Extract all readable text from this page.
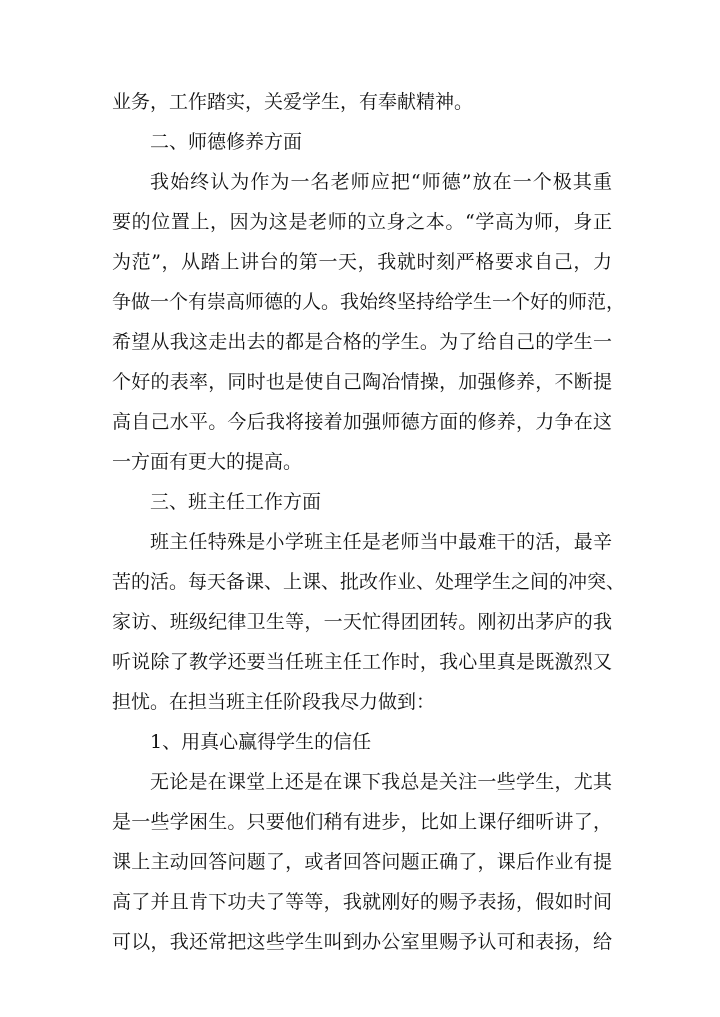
业务，工作踏实，关爱学生，有奉献精神。
二、师德修养方面
我始终认为作为一名老师应把“师德”放在一个极其重
要的位置上，因为这是老师的立身之本。“学高为师，身正
为范”，从踏上讲台的第一天，我就时刻严格要求自己，力
争做一个有崇高师德的人。我始终坚持给学生一个好的师范，
希望从我这走出去的都是合格的学生。为了给自己的学生一
个好的表率，同时也是使自己陶冶情操，加强修养，不断提
高自己水平。今后我将接着加强师德方面的修养，力争在这
一方面有更大的提高。
三、班主任工作方面
班主任特殊是小学班主任是老师当中最难干的活，最辛
苦的活。每天备课、上课、批改作业、处理学生之间的冲突、
家访、班级纪律卫生等，一天忙得团团转。刚初出茅庐的我
听说除了教学还要当任班主任工作时，我心里真是既激烈又
担忧。在担当班主任阶段我尽力做到：
1、用真心赢得学生的信任
无论是在课堂上还是在课下我总是关注一些学生，尤其
是一些学困生。只要他们稍有进步，比如上课仔细听讲了，
课上主动回答问题了，或者回答问题正确了，课后作业有提
高了并且肯下功夫了等等，我就刚好的赐予表扬，假如时间
可以，我还常把这些学生叫到办公室里赐予认可和表扬，给
